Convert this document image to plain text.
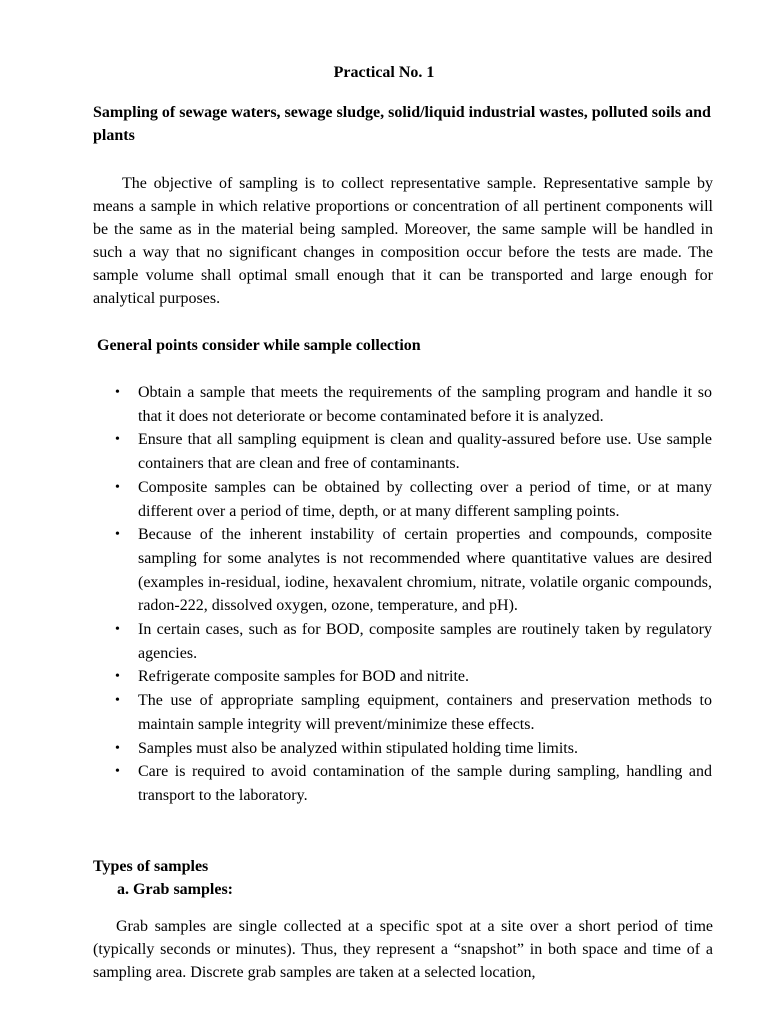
Practical No. 1
Sampling of sewage waters, sewage sludge, solid/liquid industrial wastes, polluted soils and plants

The objective of sampling is to collect representative sample. Representative sample by means a sample in which relative proportions or concentration of all pertinent components will be the same as in the material being sampled. Moreover, the same sample will be handled in such a way that no significant changes in composition occur before the tests are made. The sample volume shall optimal small enough that it can be transported and large enough for analytical purposes.

General points consider while sample collection
• Obtain a sample that meets the requirements of the sampling program and handle it so that it does not deteriorate or become contaminated before it is analyzed.
• Ensure that all sampling equipment is clean and quality-assured before use. Use sample containers that are clean and free of contaminants.
• Composite samples can be obtained by collecting over a period of time, or at many different over a period of time, depth, or at many different sampling points.
• Because of the inherent instability of certain properties and compounds, composite sampling for some analytes is not recommended where quantitative values are desired (examples in-residual, iodine, hexavalent chromium, nitrate, volatile organic compounds, radon-222, dissolved oxygen, ozone, temperature, and pH).
• In certain cases, such as for BOD, composite samples are routinely taken by regulatory agencies.
• Refrigerate composite samples for BOD and nitrite.
• The use of appropriate sampling equipment, containers and preservation methods to maintain sample integrity will prevent/minimize these effects.
• Samples must also be analyzed within stipulated holding time limits.
• Care is required to avoid contamination of the sample during sampling, handling and transport to the laboratory.
Types of samples
a. Grab samples:

Grab samples are single collected at a specific spot at a site over a short period of time (typically seconds or minutes). Thus, they represent a “snapshot” in both space and time of a sampling area. Discrete grab samples are taken at a selected location,
